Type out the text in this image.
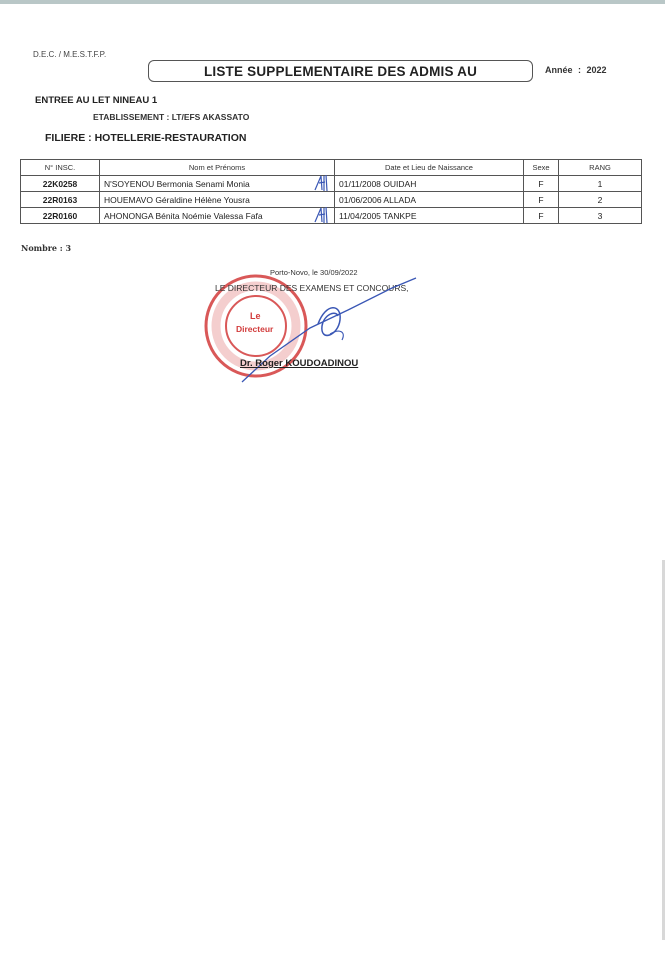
D.E.C. / M.E.S.T.F.P.
LISTE SUPPLEMENTAIRE DES ADMIS AU	Année : 2022
ENTREE AU LET NINEAU 1
ETABLISSEMENT : LT/EFS AKASSATO
FILIERE : HOTELLERIE-RESTAURATION
N° INSC.	Nom et Prénoms	Date et Lieu de Naissance	Sexe	RANG
22K0258	N'SOYENOU Bermonia Senami Monia	01/11/2008 OUIDAH	F	1
22R0163	HOUEMAVO Géraldine Hélène Yousra	01/06/2006 ALLADA	F	2
22R0160	AHONONGA Bénita Noémie Valessa Fafa	11/04/2005 TANKPE	F	3
Nombre : 3
Le
Directeur
Porto-Novo, le 30/09/2022
LE DIRECTEUR DES EXAMENS ET CONCOURS,
Dr. Roger KOUDOADINOU
